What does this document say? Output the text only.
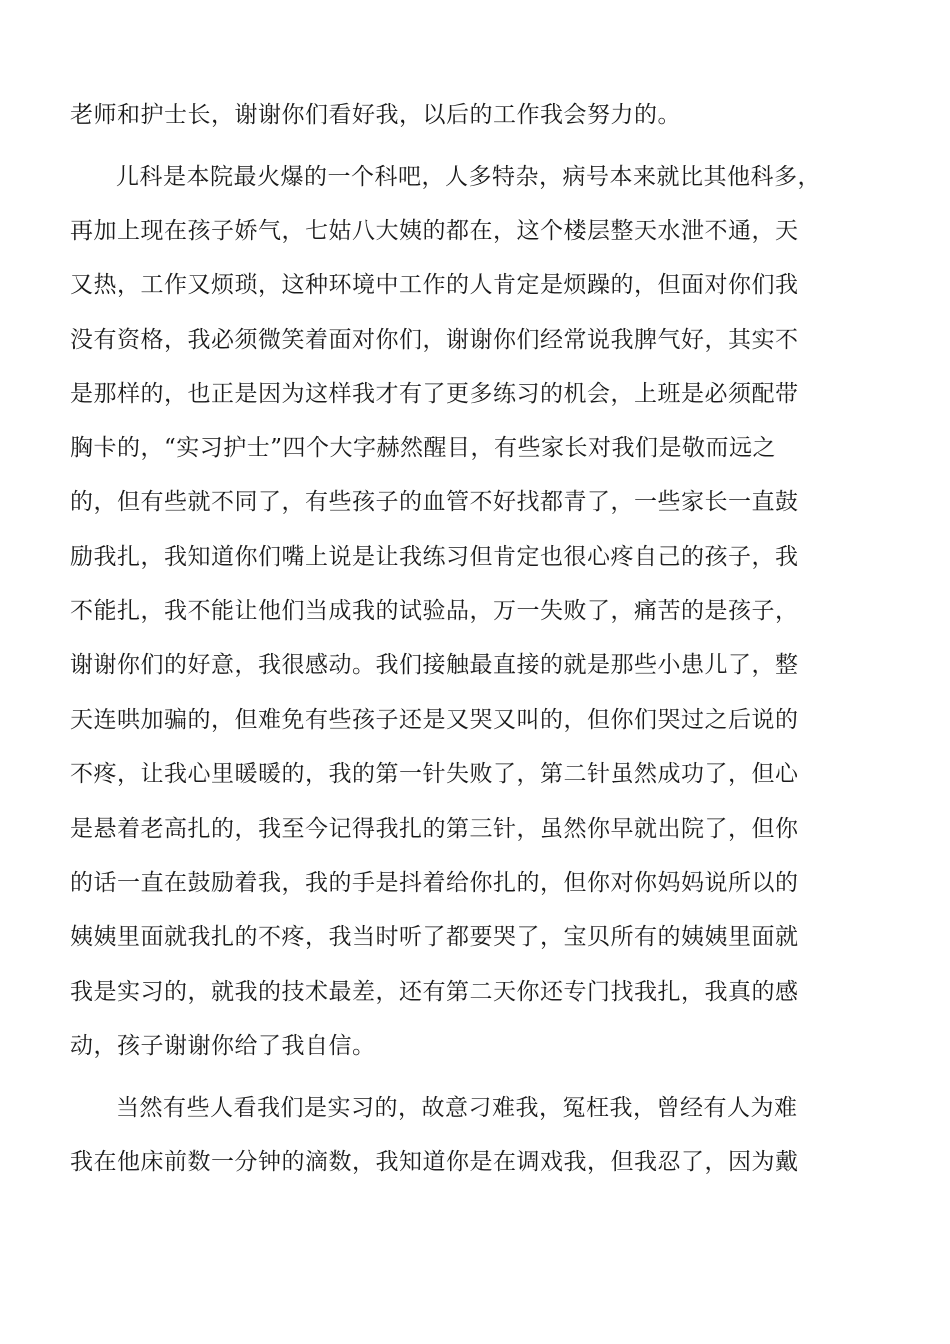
老师和护士长，谢谢你们看好我，以后的工作我会努力的。

儿科是本院最火爆的一个科吧，人多特杂，病号本来就比其他科多，

再加上现在孩子娇气，七姑八大姨的都在，这个楼层整天水泄不通，天

又热，工作又烦琐，这种环境中工作的人肯定是烦躁的，但面对你们我

没有资格，我必须微笑着面对你们，谢谢你们经常说我脾气好，其实不

是那样的，也正是因为这样我才有了更多练习的机会，上班是必须配带

胸卡的，“实习护士”四个大字赫然醒目，有些家长对我们是敬而远之

的，但有些就不同了，有些孩子的血管不好找都青了，一些家长一直鼓

励我扎，我知道你们嘴上说是让我练习但肯定也很心疼自己的孩子，我

不能扎，我不能让他们当成我的试验品，万一失败了，痛苦的是孩子，

谢谢你们的好意，我很感动。我们接触最直接的就是那些小患儿了，整

天连哄加骗的，但难免有些孩子还是又哭又叫的，但你们哭过之后说的

不疼，让我心里暖暖的，我的第一针失败了，第二针虽然成功了，但心

是悬着老高扎的，我至今记得我扎的第三针，虽然你早就出院了，但你

的话一直在鼓励着我，我的手是抖着给你扎的，但你对你妈妈说所以的

姨姨里面就我扎的不疼，我当时听了都要哭了，宝贝所有的姨姨里面就

我是实习的，就我的技术最差，还有第二天你还专门找我扎，我真的感

动，孩子谢谢你给了我自信。

当然有些人看我们是实习的，故意刁难我，冤枉我，曾经有人为难

我在他床前数一分钟的滴数，我知道你是在调戏我，但我忍了，因为戴
